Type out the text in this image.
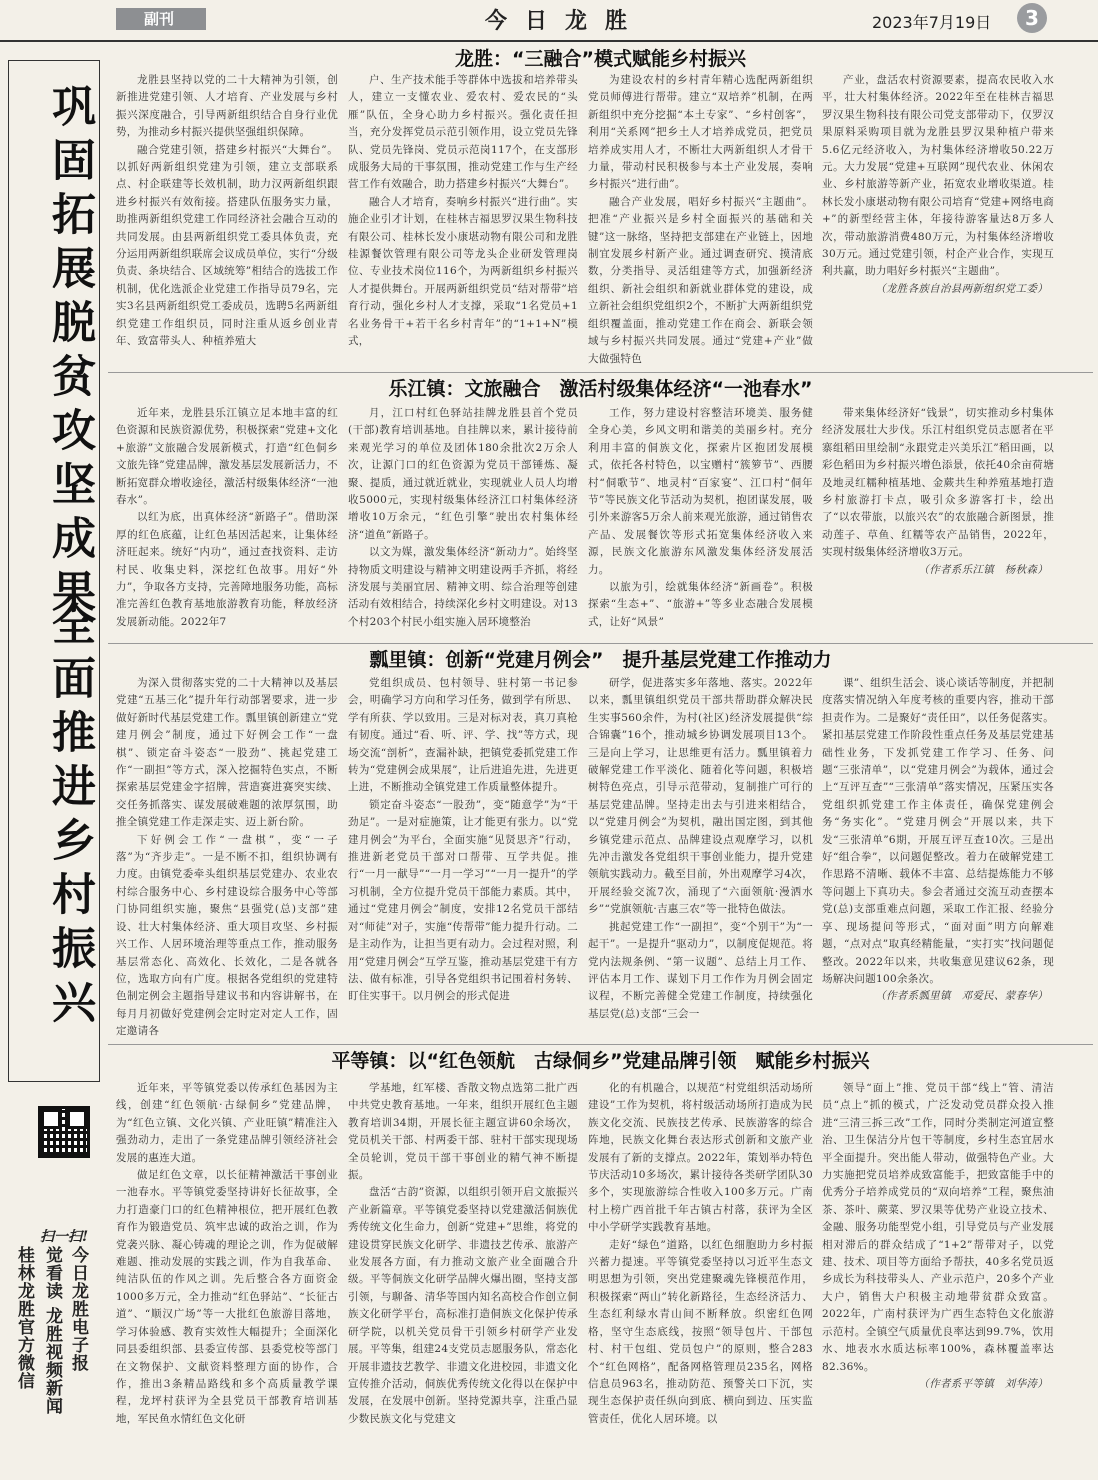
副刊	今日龙胜	2023年7月19日	3
巩固拓展脱贫攻坚成果
全面推进乡村振兴
扫一扫!
桂林龙胜官方微信 觉看读 龙胜视频新闻 今日龙胜电子报
龙胜：“三融合”模式赋能乡村振兴

龙胜县坚持以党的二十大精神为引领，创新推进党建引领、人才培育、产业发展与乡村振兴深度融合，引导两新组织结合自身行业优势，为推动乡村振兴提供坚强组织保障。

融合党建引领，搭建乡村振兴“大舞台”。以抓好两新组织党建为引领，建立支部联系点、村企联建等长效机制，助力汉两新组织跟进乡村振兴有效衔接。搭建队伍服务实力量，助推两新组织党建工作同经济社会融合互动的共同发展。由县两新组织党工委具体负责，充分运用两新组织联席会议成员单位，实行“分级负责、条块结合、区域统筹”相结合的选拔工作机制，优化选派企业党建工作指导员79名，完实3名县两新组织党工委成员，选聘5名两新组织党建工作组织员，同时注重从返乡创业青年、致富带头人、种植养殖大

户、生产技术能手等群体中选拔和培养带头人，建立一支懂农业、爱农村、爱农民的“头雁”队伍，全身心助力乡村振兴。强化责任担当，充分发挥党员示范引领作用，设立党员先锋队、党员先锋岗、党员示范岗117个，在支部形成服务大局的干事氛围，推动党建工作与生产经营工作有效融合，助力搭建乡村振兴“大舞台”。

融合人才培育，奏响乡村振兴“进行曲”。实施企业引才计划，在桂林吉福思罗汉果生物科技有限公司、桂林长发小康堪动物有限公司和龙胜桂源餐饮管理有限公司等龙头企业研发管理岗位、专业技术岗位116个，为两新组织乡村振兴人才提供舞台。开展两新组织党员“结对帮带”培育行动，强化乡村人才支撑，采取“1名党员+1名业务骨干+若干名乡村青年”的“1+1+N”模式，

为建设农村的乡村青年精心选配两新组织党员师傅进行帮带。建立“双培养”机制，在两新组织中充分挖掘“本土专家”、“乡村创客”，利用“关系网”把乡土人才培养成党员，把党员培养成实用人才，不断壮大两新组织人才骨干力量，带动村民积极参与本土产业发展，奏响乡村振兴“进行曲”。

融合产业发展，唱好乡村振兴“主题曲”。把准“产业振兴是乡村全面振兴的基础和关键”这一脉络，坚持把支部建在产业链上，因地制宜发展乡村新产业。通过调查研究、摸清底数，分类指导、灵活组建等方式，加强新经济组织、新社会组织和新就业群体党的建设，成立新社会组织党组织2个，不断扩大两新组织党组织覆盖面，推动党建工作在商会、新联会领域与乡村振兴共同发展。通过“党建+产业”做大做强特色

产业，盘活农村资源要素，提高农民收入水平，壮大村集体经济。2022年至在桂林吉福思罗汉果生物科技有限公司党支部带动下，仅罗汉果原料采购项目就为龙胜县罗汉果种植户带来5.6亿元经济收入，为村集体经济增收50.22万元。大力发展“党建+互联网”现代农业、休闲农业、乡村旅游等新产业，拓宽农业增收渠道。桂林长发小康堪动物有限公司培育“党建+网络电商+”的新型经营主体，年接待游客量达8万多人次，带动旅游消费480万元，为村集体经济增收30万元。通过党建引领，村企产业合作，实现互利共赢，助力唱好乡村振兴“主题曲”。

（龙胜各族自治县两新组织党工委）

乐江镇：文旅融合　激活村级集体经济“一池春水”

近年来，龙胜县乐江镇立足本地丰富的红色资源和民族资源优势，积极探索“党建+文化+旅游”文旅融合发展新模式，打造“红色侗乡　文旅先锋”党建品牌，激发基层发展新活力，不断拓宽群众增收途径，激活村级集体经济“一池春水”。

以红为底，出真体经济“新路子”。借助深厚的红色底蕴，让红色基因活起来，让集体经济旺起来。统好“内功”，通过查找资料、走访村民、收集史料，深挖红色故事。用好“外力”，争取各方支持，完善障地服务功能，高标准完善红色教育基地旅游教育功能，释放经济发展新动能。2022年7

月，江口村红色驿站挂牌龙胜县首个党员(干部)教育培训基地。自挂牌以来，累计接待前来观光学习的单位及团体180余批次2万余人次，让源门口的红色资源为党员干部锤炼、凝聚、提质，通过就近就业，实现就业人员人均增收5000元，实现村级集体经济江口村集体经济增收10万余元，“红色引擎”驶出农村集体经济“道鱼”新路子。

以文为媒，激发集体经济“新动力”。始终坚持物质文明建设与精神文明建设两手齐抓，将经济发展与美丽宜居、精神文明、综合治理等创建活动有效相结合，持续深化乡村文明建设。对13个村203个村民小组实施入居环境整治

工作，努力建设村容整洁环境美、服务健全身心美，乡风文明和谐美的美丽乡村。充分利用丰富的侗族文化，探索片区抱团发展模式，依托各村特色，以宝赠村“簇箩节”、西腰村“侗歌节”、地灵村“百家宴”、江口村“侗年节”等民族文化节活动为契机，抱团谋发展，吸引外来游客5万余人前来观光旅游，通过销售农产品、发展餐饮等形式拓宽集体经济收入来源，民族文化旅游东风激发集体经济发展活力。

以旅为引，绘就集体经济“新画卷”。积极探索“生态+”、“旅游+”等多业态融合发展模式，让好“风景”

带来集体经济好“钱景”，切实推动乡村集体经济发展壮大步伐。乐江村组织党员志愿者在平寨组稻田里绘制“永跟党走兴美乐江”稻田画，以彩色稻田为乡村振兴增色添景，依托40余亩荷塘及地灵红糯种植基地、金蕨共生种养殖基地打造乡村旅游打卡点，吸引众多游客打卡，绘出了“以农带旅，以旅兴农”的农旅融合新图景，推动莲子、草鱼、红糯等农产品销售，2022年，实现村级集体经济增收3万元。

（作者系乐江镇　杨秋森）

瓢里镇：创新“党建月例会”　提升基层党建工作推动力

为深入贯彻落实党的二十大精神以及基层党建“五基三化”提升年行动部署要求，进一步做好新时代基层党建工作。瓢里镇创新建立“党建月例会”制度，通过下好例会工作“一盘棋”、锁定奋斗姿态“一股劲”、挑起党建工作“一副担”等方式，深入挖掘特色实点，不断探索基层党建金字招牌，营造赛进赛突实续、交任务抓落实、谋发展破难题的浓厚氛围，助推全镇党建工作走深走实、迈上新台阶。

下好例会工作“一盘棋”，变“一子落”为“齐步走”。一是不断不扣，组织协调有力度。由镇党委牵头组织基层党建办、农业农村综合服务中心、乡村建设综合服务中心等部门协同组织实施，聚焦“县强党(总)支部”建设、壮大村集体经济、重大项目攻坚、乡村振兴工作、人居环境治理等重点工作，推动服务基层常态化、高效化、长效化，二是各就各位，选取方向有广度。根据各党组织的党建特色制定例会主题指导建议书和内容讲解书，在每月月初做好党建例会定时定对定人工作，固定邀请各

党组织成员、包村领导、驻村第一书记参会，明确学习方向和学习任务，做到学有所思、学有所获、学以致用。三是对标对表，真刀真枪有韧度。通过“看、听、评、学、找”等方式，现场交流“剖析”，查漏补缺，把镇党委抓党建工作转为“党建例会成果展”，让后进追先进，先进更上进，不断推动全镇党建工作质量整体提升。

锁定奋斗姿态“一股劲”，变“随意学”为“干劲足”。一是对症施策，让才能更有张力。以“党建月例会”为平台，全面实施“见贤思齐”行动，推进新老党员干部对口帮带、互学共促。推行“一月一献导”“一月一学习”“一月一提升”的学习机制，全方位提升党员干部能力素质。其中，通过“党建月例会”制度，安排12名党员干部结对“师徒”对子，实施“传帮带”能力提升行动。二是主动作为，让担当更有动力。会过程对照，利用“党建月例会”互学互鉴，推动基层党建干有方法、做有标准，引导各党组织书记围着村务转、盯住实事干。以月例会的形式促进

研学，促进落实多年落地、落实。2022年以来，瓢里镇组织党员干部共帮助群众解决民生实事560余件，为村(社区)经济发展提供“综合锦囊”16个，推动城乡协调发展项目13个。三是向上学习，让思维更有活力。瓢里镇着力破解党建工作平淡化、随着化等问题，积极培树特色亮点，引导示范带动，复制推广可行的基层党建品牌。坚持走出去与引进来相结合，以“党建月例会”为契机，融出国定图，到其他乡镇党建示范点、品牌建设点观摩学习，以机先冲击激发各党组织干事创业能力，提升党建领航实践动力。截至目前，外出观摩学习4次，开展经验交流7次，涌现了“六面领航·漫洒水乡”“党旗领航·吉惠三农”等一批特色做法。

挑起党建工作“一副担”，变“个别干”为“一起干”。一是提升“驱动力”，以制度促规范。将党内法规条例、“第一议题”、总结上月工作、评估本月工作、谋划下月工作作为月例会固定议程，不断完善健全党建工作制度，持续强化基层党(总)支部“三会一

课”、组织生活会、谈心谈话等制度，并把制度落实情况纳入年度考核的重要内容，推动干部担责作为。二是聚好“责任田”，以任务促落实。紧扣基层党建工作阶段性重点任务及基层党建基础性业务，下发抓党建工作学习、任务、问题“三张清单”，以“党建月例会”为载体，通过会上“互评互查”“三张清单”落实情况，压紧压实各党组织抓党建工作主体责任，确保党建例会务“务实化”。“党建月例会”开展以来，共下发“三张清单”6期，开展互评互查10次。三是出好“组合拳”，以问题促整改。着力在破解党建工作思路不清晰、载体不丰富、总结提炼能力不够等问题上下真功夫。参会者通过交流互动查摆本党(总)支部重难点问题，采取工作汇报、经验分享、现场提问等形式，“面对面”明方向解难题，“点对点”取真经精能量，“实打实”找问题促整改。2022年以来，共收集意见建议62条，现场解决问题100余条次。

（作者系瓢里镇　邓爱民、蒙春华）

平等镇：以“红色领航　古绿侗乡”党建品牌引领　赋能乡村振兴

近年来，平等镇党委以传承红色基因为主线，创建“红色领航·古绿侗乡”党建品牌，为“红色立镇、文化兴镇、产业旺镇”精准注入强劲动力，走出了一条党建品牌引领经济社会发展的惠连大道。

做足红色文章，以长征精神激活干事创业一池春水。平等镇党委坚持讲好长征故事，全力打造豪门口的红色精神根位，把开展红色教育作为锻造党员、筑牢忠诚的政治之训，作为党袭兴脉、凝心铸魂的理论之训，作为促破解难题、推动发展的实践之训，作为自我革命、纯洁队伍的作风之训。先后整合各方面资金1000多万元，全力推动“红色驿站”、“长征古道”、“顺汉广场”等一大批红色旅游目落地，学习体验感、教育实效性大幅提升；全面深化同县委组织部、县委宣传部、县委党校等部门在文物保护、文献资料整理方面的协作，合作，推出3条精品路线和多个高质量教学课程，龙坪村获评为全县党员干部教育培训基地，军民鱼水情红色文化研

学基地，红军楼、香散文物点选第二批广西中共党史教育基地。一年来，组织开展红色主题教育培训34期，开展长征主题宣讲60余场次，党员机关干部、村两委干部、驻村干部实现现场全员轮训，党员干部干事创业的精气神不断提振。

盘活“古韵”资源，以组织引领开启文旅振兴产业新篇章。平等镇党委坚持以党建激活侗族优秀传统文化生命力，创新“党建+”思维，将党的建设贯穿民族文化研学、非遗技艺传承、旅游产业发展各方面，有力推动文旅产业全面融合升级。平等侗族文化研学品牌火爆出圈，坚持支部引领，与聊备、清华等国内知名高校合作创立侗族文化研学平台，高标准打造侗族文化保护传承研学院，以机关党员骨干引领乡村研学产业发展。平等集，组建24支党员志愿服务队，常态化开展非遗技艺教学、非遗文化进校园，非遗文化宣传推介活动，侗族优秀传统文化得以在保护中发展，在发展中创新。坚持党源共享，注重凸显少数民族文化与党建文

化的有机融合，以规范“村党组织活动场所建设”工作为契机，将村级活动场所打造成为民族文化交流、民族技艺传承、民族游客的综合阵地，民族文化舞台表达形式创新和文旅产业发展有了新的支撑点。2022年，策划举办特色节庆活动10多场次，累计接待各类研学团队30多个，实现旅游综合性收入100多万元。广南村上榜广西首批千年古镇古村落，获评为全区中小学研学实践教育基地。

走好“绿色”道路，以红色细胞助力乡村振兴蓄力提速。平等镇党委坚持以习近平生态文明思想为引领，突出党建聚魂先锋模范作用，积极探索“两山”转化新路径，生态经济活力、生态红利绿水青山间不断释放。织密红色网格，坚守生态底线，按照“领导包片、干部包村、村干包组、党员包户”的原则，整合283个“红色网格”，配备网格管理员235名，网格信息员963名，推动防范、预警关口下沉，实现生态保护责任纵向到底、横向到边、压实监管责任，优化人居环境。以

领导“面上”推、党员干部“线上”管、清洁员“点上”抓的模式，广泛发动党员群众投入推进“三清三拆三改”工作，同时分类制定河道宣整治、卫生保洁分片包干等制度，乡村生态宜居水平全面提升。突出能人带动，做强特色产业。大力实施把党员培养成致富能手，把致富能手中的优秀分子培养成党员的“双向培养”工程，聚焦油茶、茶叶、蕨菜、罗汉果等优势产业设立技术、金融、服务功能型党小组，引导党员与产业发展相对滞后的群众结成了“1+2”帮带对子，以党建、技术、项目等方面给予帮扶，40多名党员返乡成长为科技带头人、产业示范户，20多个产业大户，销售大户积极主动地带贫群众致富。2022年，广南村获评为广西生态特色文化旅游示范村。全镇空气质量优良率达到99.7%，饮用水、地表水水质达标率100%，森林覆盖率达82.36%。

（作者系平等镇　刘华涛）
